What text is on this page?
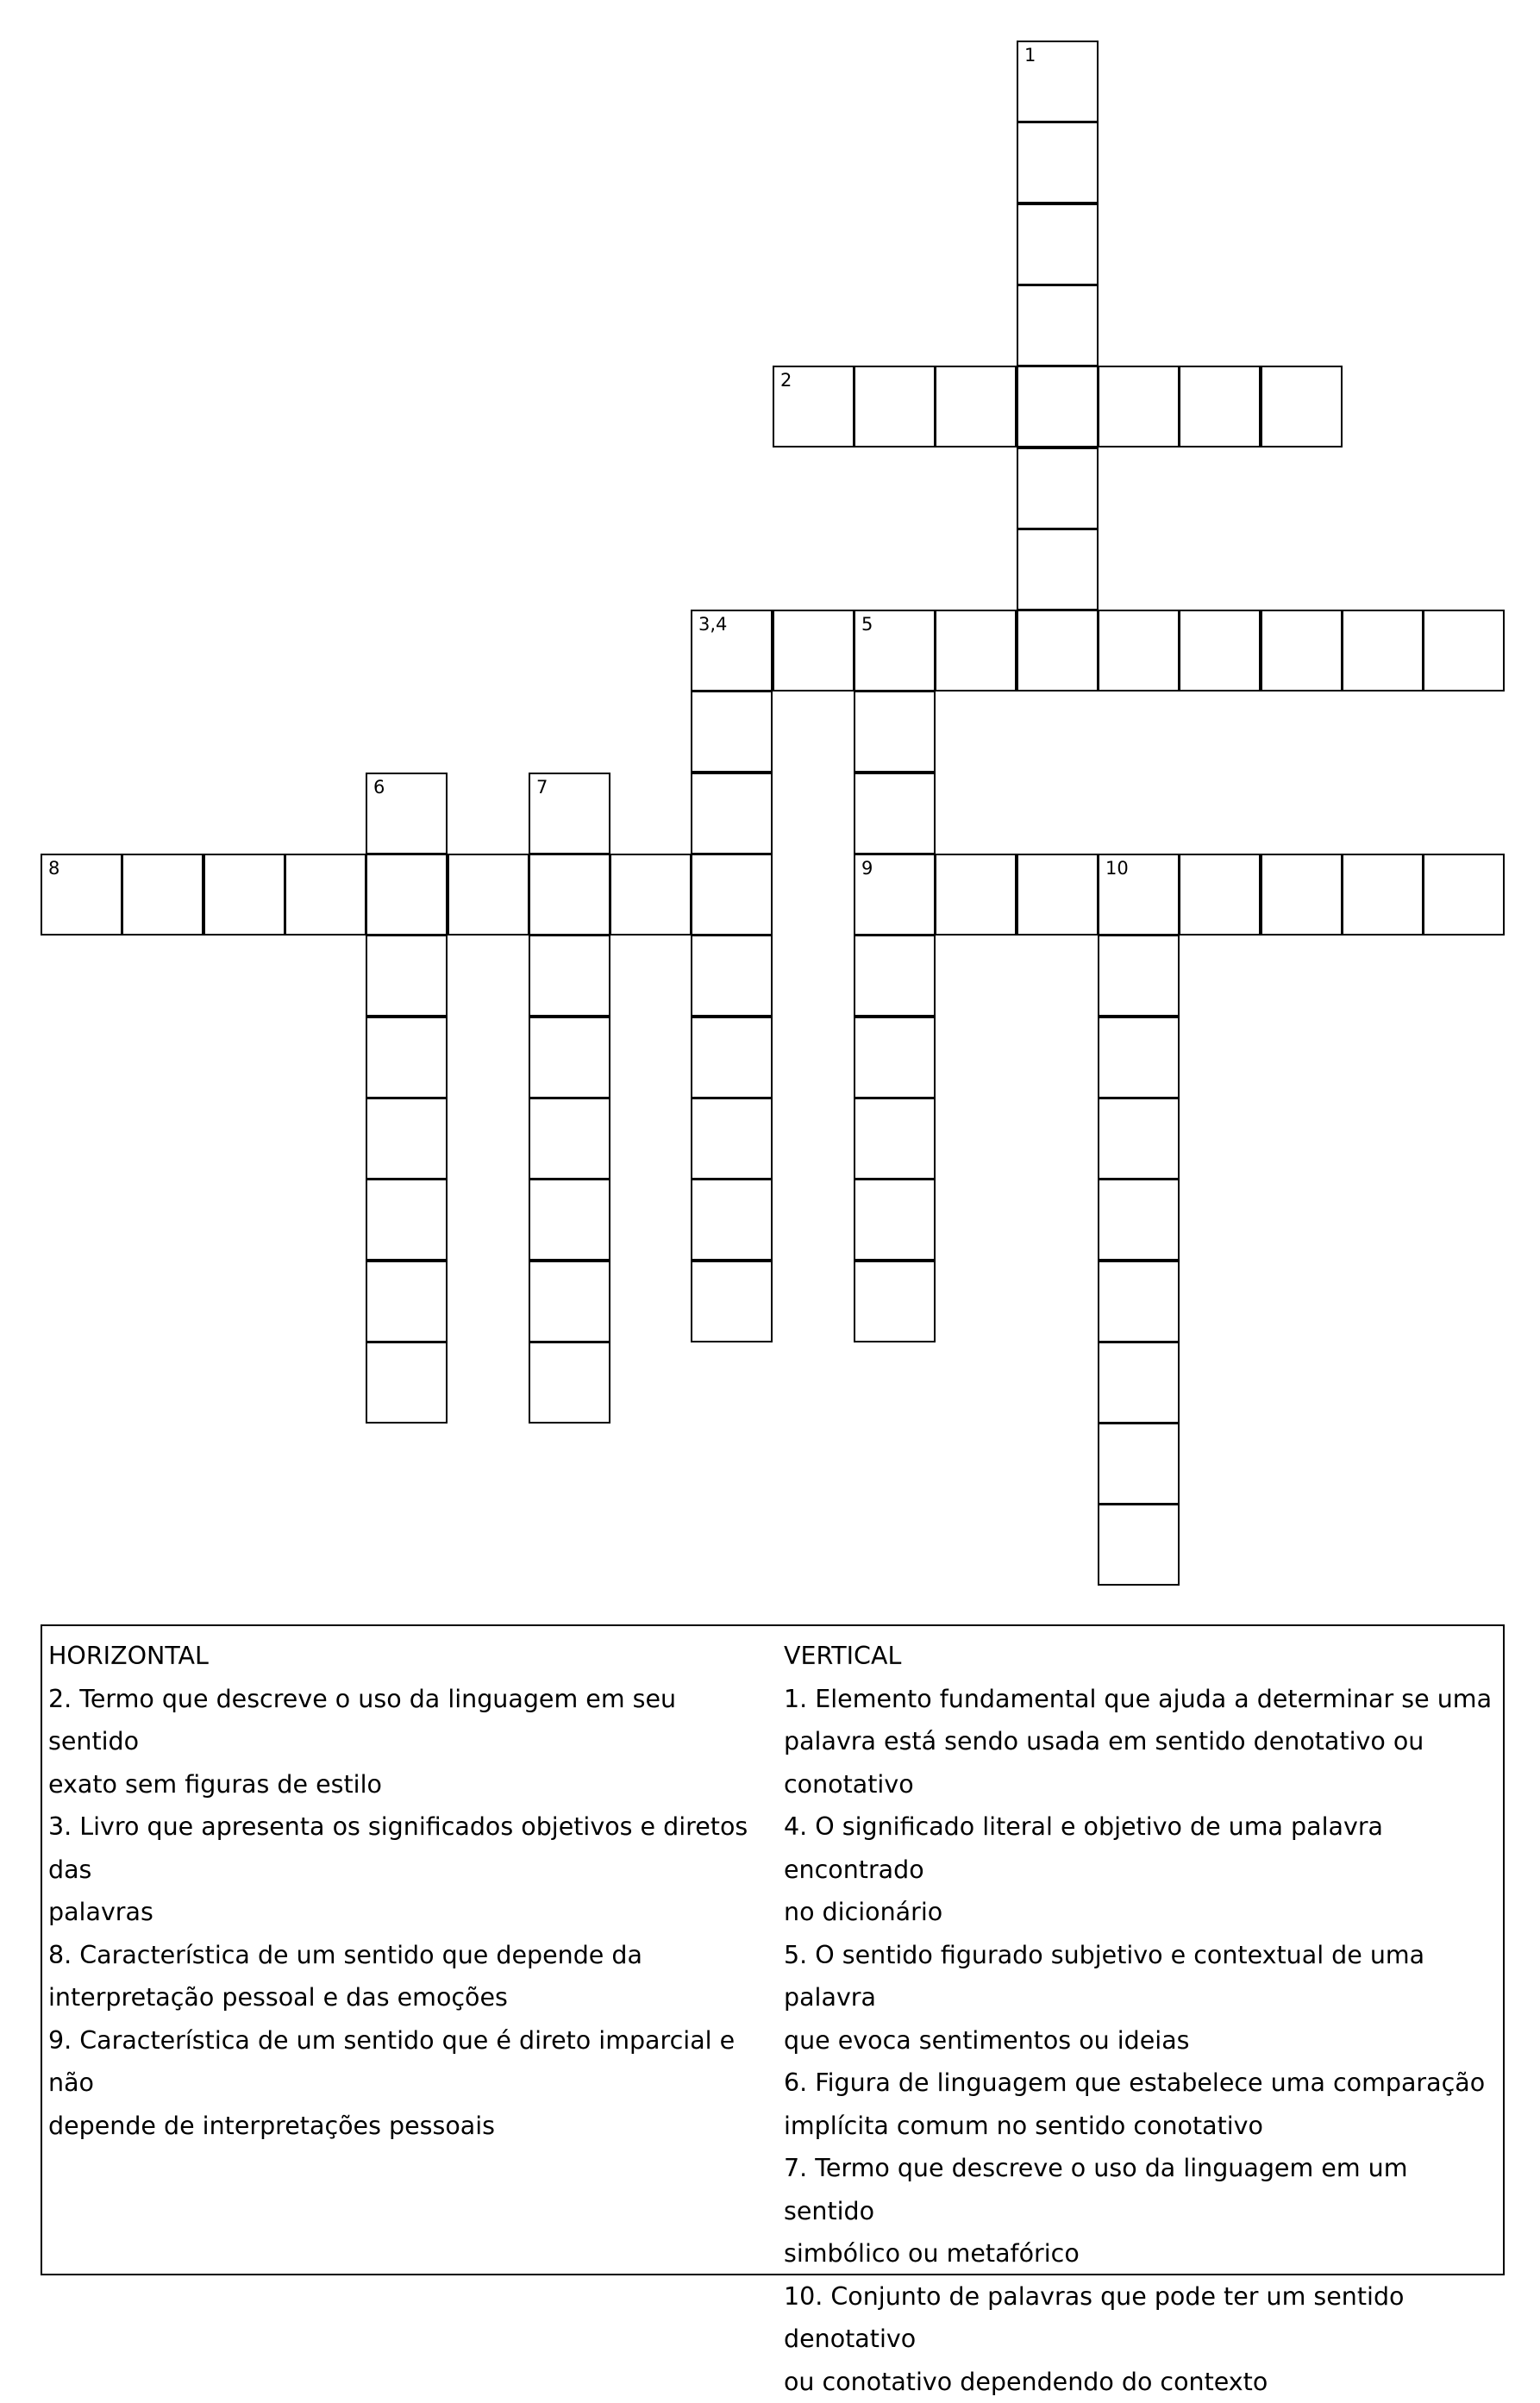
1
2
3,4	5
9
8
6	7
10
HORIZONTAL
2. Termo que descreve o uso da linguagem em seu sentido
exato sem figuras de estilo
3. Livro que apresenta os significados objetivos e diretos das
palavras
8. Característica de um sentido que depende da
interpretação pessoal e das emoções
9. Característica de um sentido que é direto imparcial e não
depende de interpretações pessoais
VERTICAL
1. Elemento fundamental que ajuda a determinar se uma
palavra está sendo usada em sentido denotativo ou
conotativo
4. O significado literal e objetivo de uma palavra encontrado
no dicionário
5. O sentido figurado subjetivo e contextual de uma palavra
que evoca sentimentos ou ideias
6. Figura de linguagem que estabelece uma comparação
implícita comum no sentido conotativo
7. Termo que descreve o uso da linguagem em um sentido
simbólico ou metafórico
10. Conjunto de palavras que pode ter um sentido denotativo
ou conotativo dependendo do contexto
